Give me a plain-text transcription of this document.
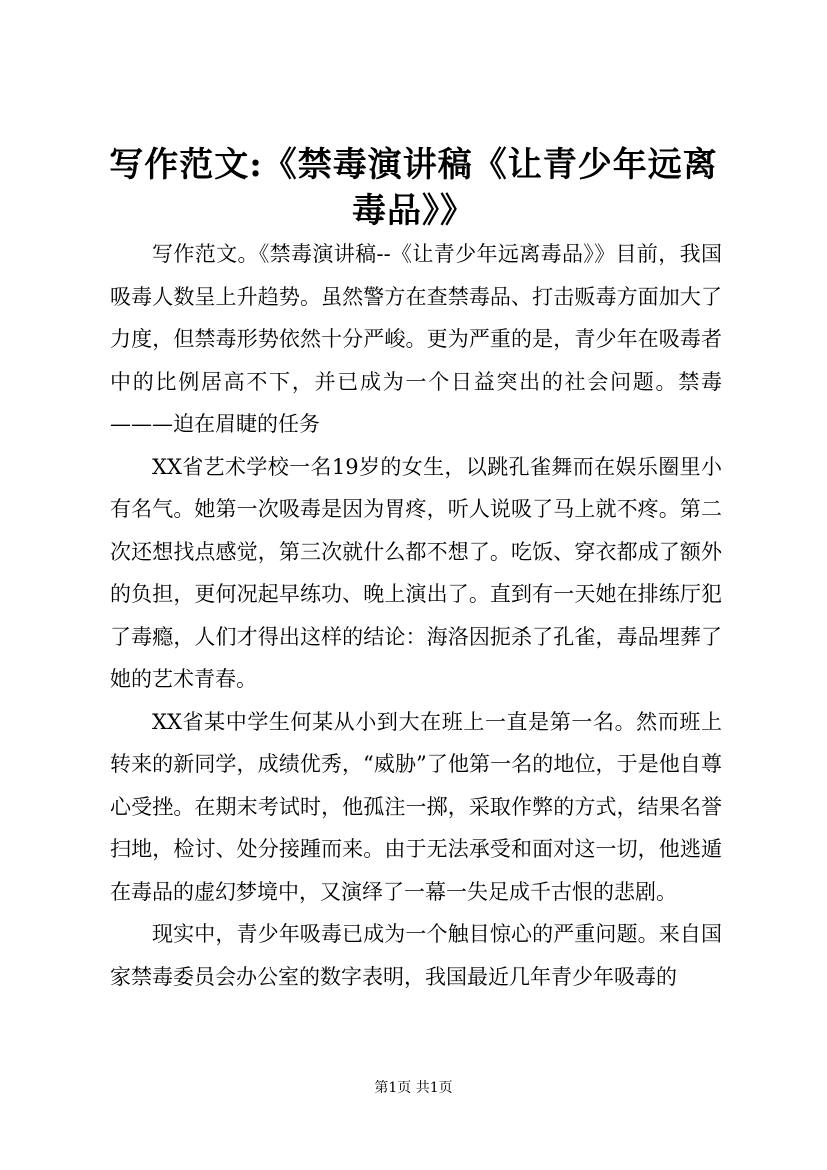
写作范文:《禁毒演讲稿《让青少年远离毒品》》

写作范文。《禁毒演讲稿--《让青少年远离毒品》》目前，我国吸毒人数呈上升趋势。虽然警方在查禁毒品、打击贩毒方面加大了力度，但禁毒形势依然十分严峻。更为严重的是，青少年在吸毒者中的比例居高不下，并已成为一个日益突出的社会问题。禁毒———迫在眉睫的任务

XX省艺术学校一名19岁的女生，以跳孔雀舞而在娱乐圈里小有名气。她第一次吸毒是因为胃疼，听人说吸了马上就不疼。第二次还想找点感觉，第三次就什么都不想了。吃饭、穿衣都成了额外的负担，更何况起早练功、晚上演出了。直到有一天她在排练厅犯了毒瘾，人们才得出这样的结论：海洛因扼杀了孔雀，毒品埋葬了她的艺术青春。

XX省某中学生何某从小到大在班上一直是第一名。然而班上转来的新同学，成绩优秀，“威胁”了他第一名的地位，于是他自尊心受挫。在期末考试时，他孤注一掷，采取作弊的方式，结果名誉扫地，检讨、处分接踵而来。由于无法承受和面对这一切，他逃遁在毒品的虚幻梦境中，又演绎了一幕一失足成千古恨的悲剧。

现实中，青少年吸毒已成为一个触目惊心的严重问题。来自国家禁毒委员会办公室的数字表明，我国最近几年青少年吸毒的

第1页 共1页
